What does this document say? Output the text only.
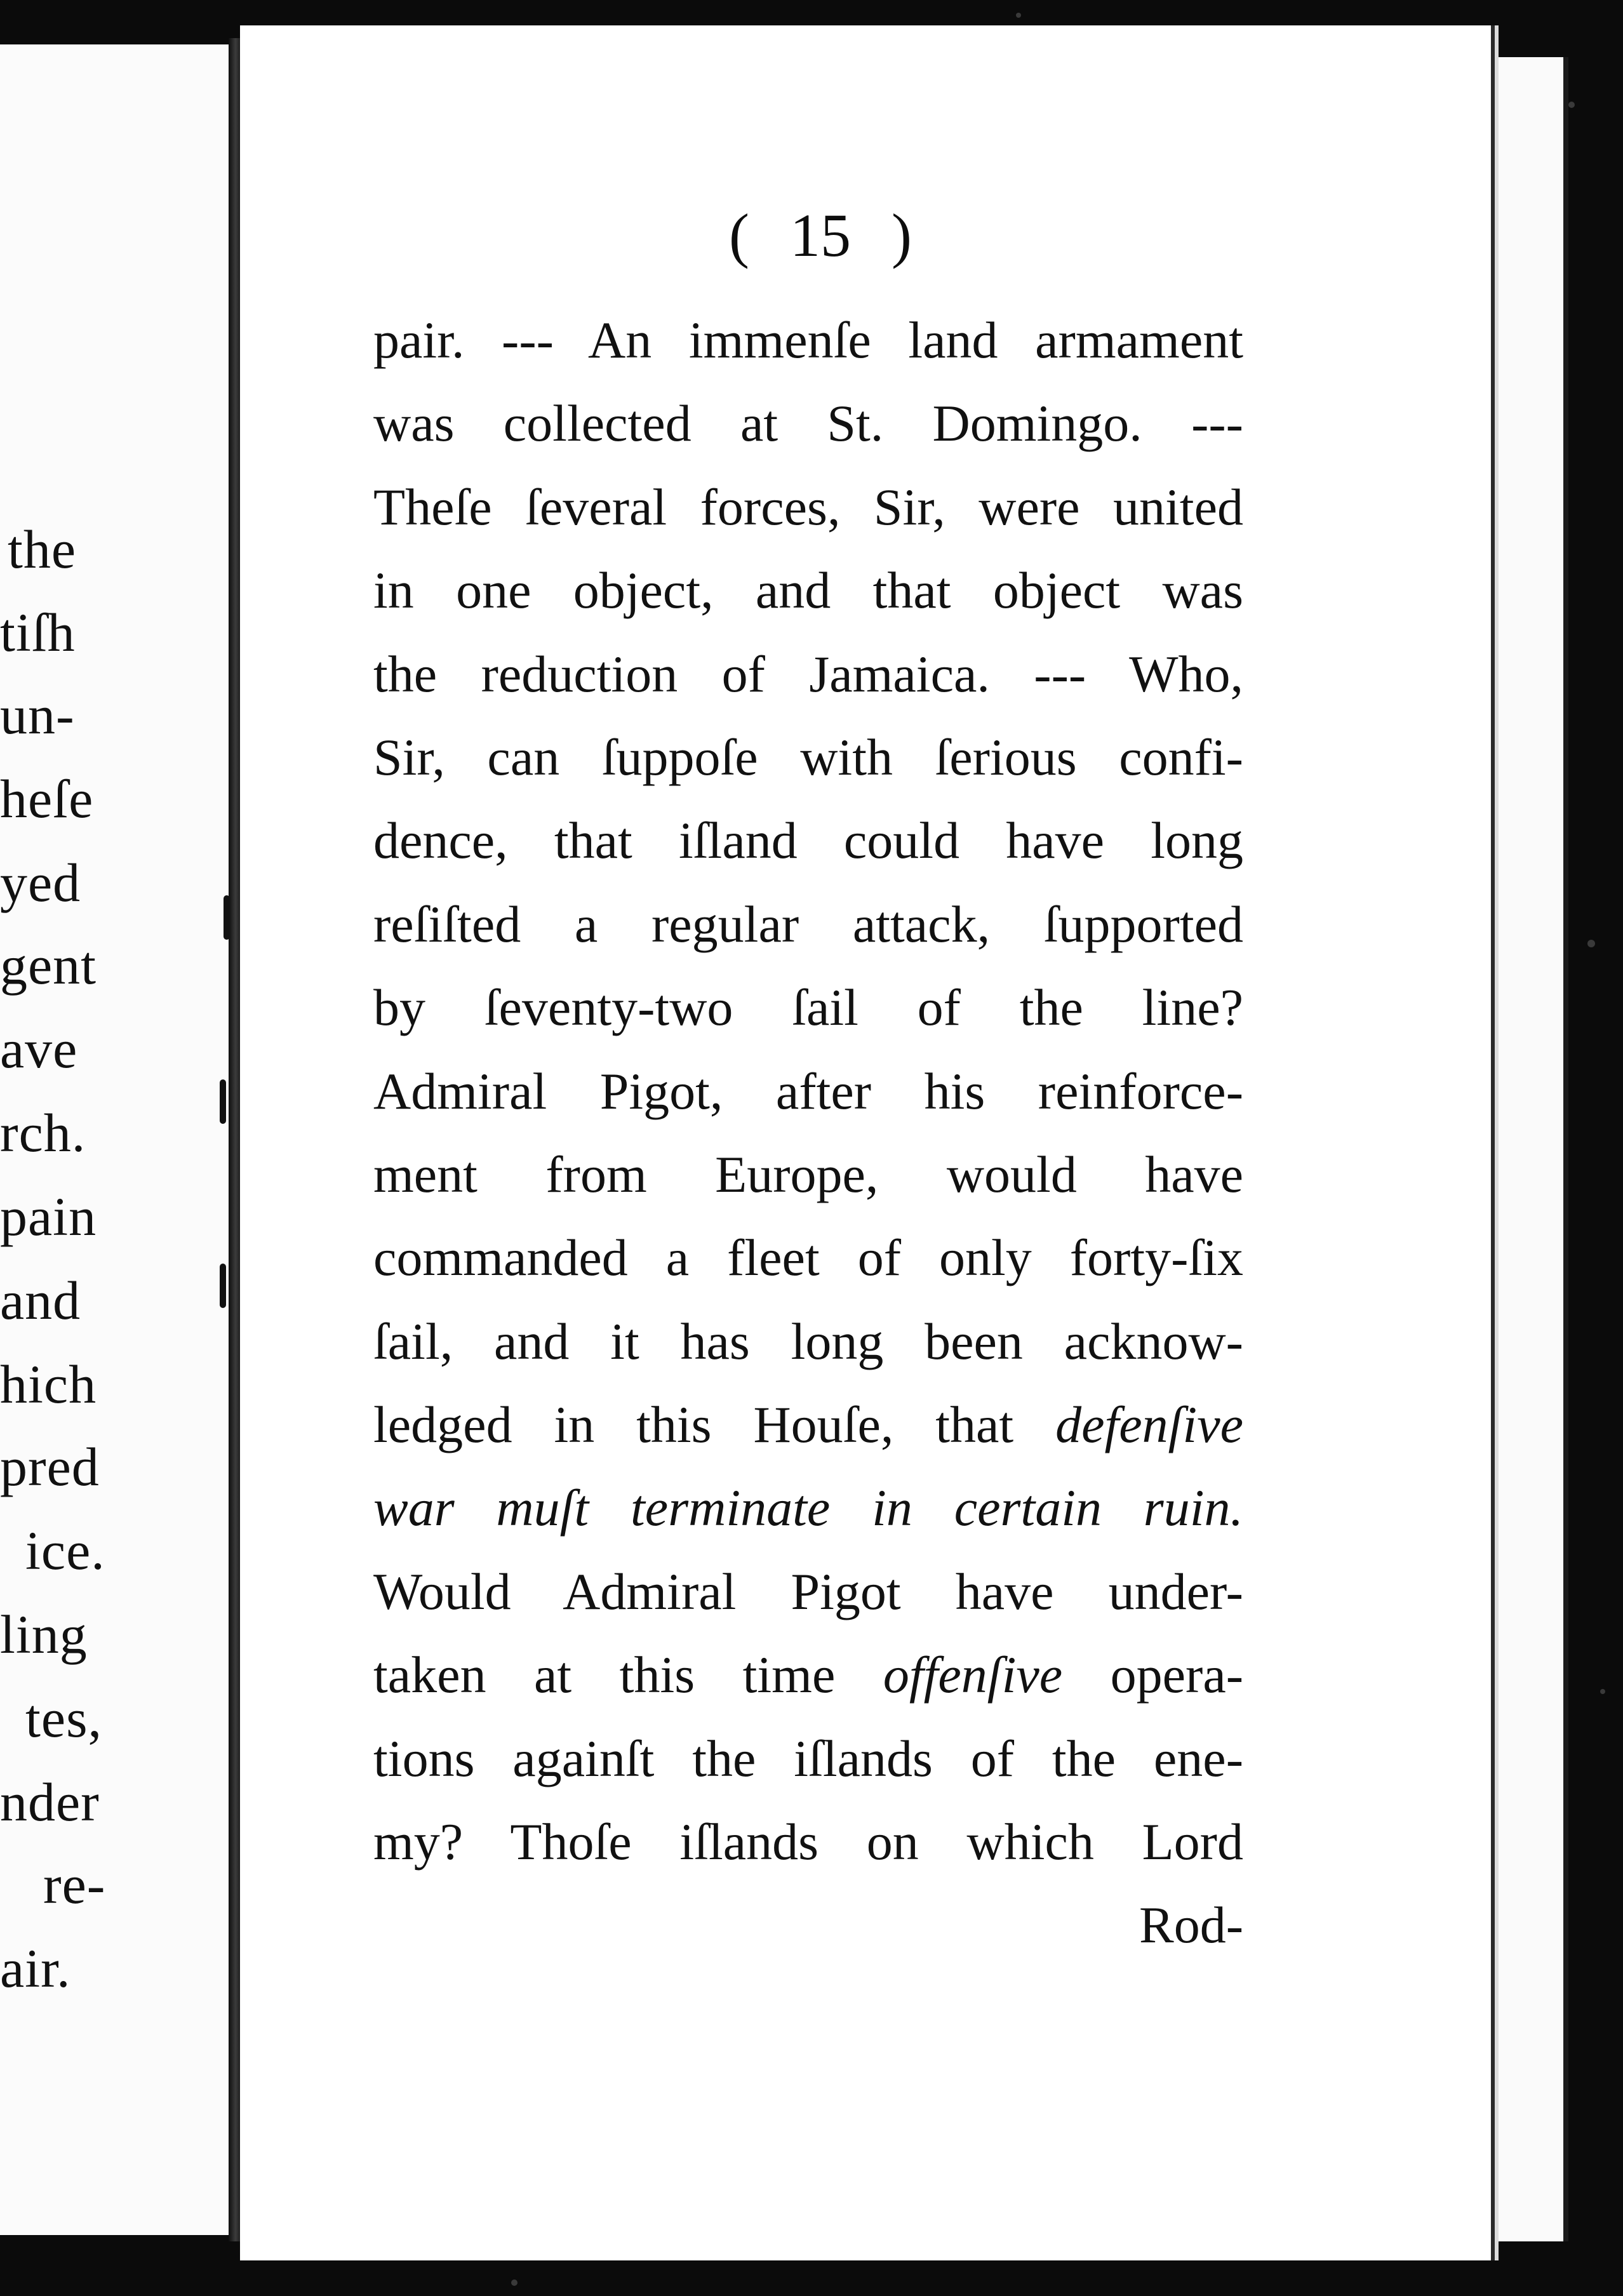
the
tiſh
un-
heſe
yed
gent
ave
rch.
pain
and
hich
pred
ice.
ling
tes,
nder
re-
air.
( 15 )
pair. --- An immenſe land armament
was collected at St. Domingo. ---
Theſe ſeveral forces, Sir, were united
in one object, and that object was
the reduction of Jamaica. --- Who,
Sir, can ſuppoſe with ſerious confi-
dence, that iſland could have long
reſiſted a regular attack, ſupported
by ſeventy-two ſail of the line?
Admiral Pigot, after his reinforce-
ment from Europe, would have
commanded a fleet of only forty-ſix
ſail, and it has long been acknow-
ledged in this Houſe, that defenſive
war muſt terminate in certain ruin.
Would Admiral Pigot have under-
taken at this time offenſive opera-
tions againſt the iſlands of the ene-
my? Thoſe iſlands on which Lord
Rod-
